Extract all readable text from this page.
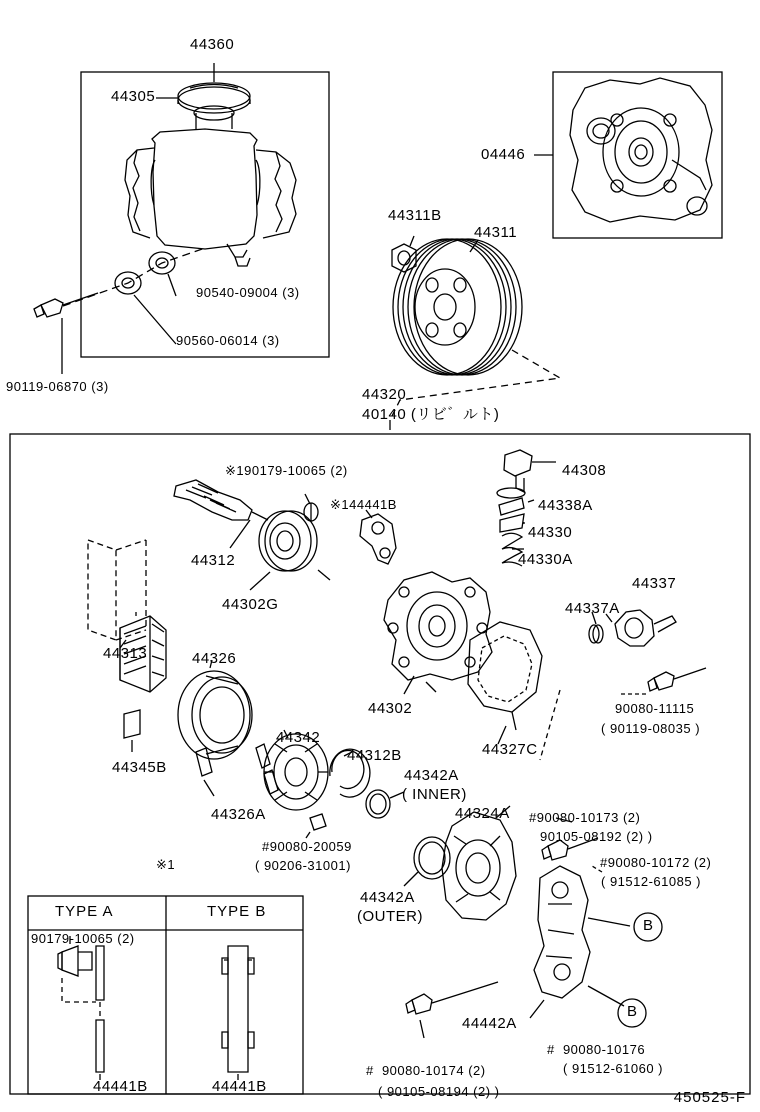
44360
44305
90540-09004 (3)
90560-06014 (3)
90119-06870 (3)
04446
44311B
44311
44320
40140 (リビ゛ルト)
※190179-10065 (2)	44308
44338A
※144441B
44330
44330A
44312
44337
44337A
44302G
44313	44326
44302	90080-11115
( 90119-08035 )
44342
44327C
44345B
44312B
44342A
( INNER)
44326A	44324A #90080-10173 (2)
90105-08192 (2) )
#90080-20059
( 90206-31001)	#90080-10172 (2)
( 91512-61085 )
44342A
(OUTER)
44442A
#  90080-10176
( 91512-61060 )
#  90080-10174 (2)
( 90105-08194 (2) )
※1
B
B
TYPE A	TYPE B
90179-10065 (2)
44441B	44441B
450525-F
